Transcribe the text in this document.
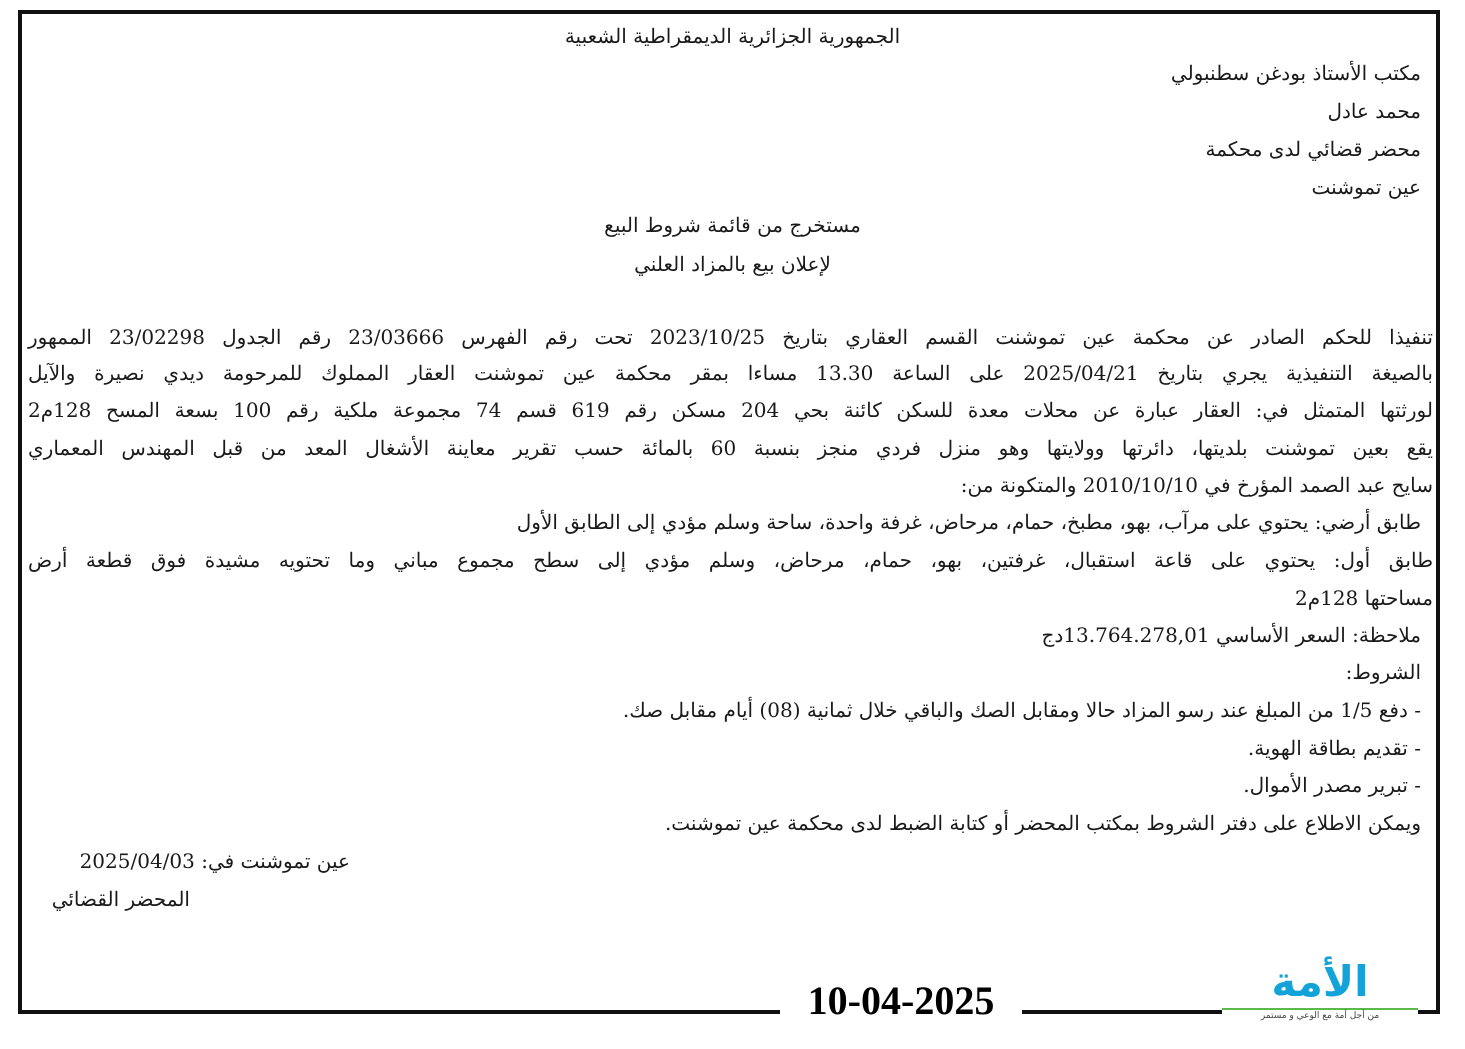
الجمهورية الجزائرية الديمقراطية الشعبية
مكتب الأستاذ بودغن سطنبولي
محمد عادل
محضر قضائي لدى محكمة
عين تموشنت
مستخرج من قائمة شروط البيع
لإعلان بيع بالمزاد العلني
تنفيذا للحكم الصادر عن محكمة عين تموشنت القسم العقاري بتاريخ 2023/10/25 تحت رقم الفهرس 23/03666 رقم الجدول 23/02298 الممهور
بالصيغة التنفيذية يجري بتاريخ 2025/04/21 على الساعة 13.30 مساءا بمقر محكمة عين تموشنت العقار المملوك للمرحومة ديدي نصيرة والآيل
لورثتها المتمثل في: العقار عبارة عن محلات معدة للسكن كائنة بحي 204 مسكن رقم 619 قسم 74 مجموعة ملكية رقم 100 بسعة المسح 128م2
يقع بعين تموشنت بلديتها، دائرتها وولايتها وهو منزل فردي منجز بنسبة 60 بالمائة حسب تقرير معاينة الأشغال المعد من قبل المهندس المعماري
سايح عبد الصمد المؤرخ في 2010/10/10 والمتكونة من:
طابق أرضي: يحتوي على مرآب، بهو، مطبخ، حمام، مرحاض، غرفة واحدة، ساحة وسلم مؤدي إلى الطابق الأول
طابق أول: يحتوي على قاعة استقبال، غرفتين، بهو، حمام، مرحاض، وسلم مؤدي إلى سطح مجموع مباني وما تحتويه مشيدة فوق قطعة أرض
مساحتها 128م2
ملاحظة: السعر الأساسي 13.764.278,01دج
الشروط:
- دفع 1/5 من المبلغ عند رسو المزاد حالا ومقابل الصك والباقي خلال ثمانية (08) أيام مقابل صك.
- تقديم بطاقة الهوية.
- تبرير مصدر الأموال.
ويمكن الاطلاع على دفتر الشروط بمكتب المحضر أو كتابة الضبط لدى محكمة عين تموشنت.
عين تموشنت في: 2025/04/03
المحضر القضائي
10-04-2025	الأمة
من أجل أمة مع الوعي و مستمر
